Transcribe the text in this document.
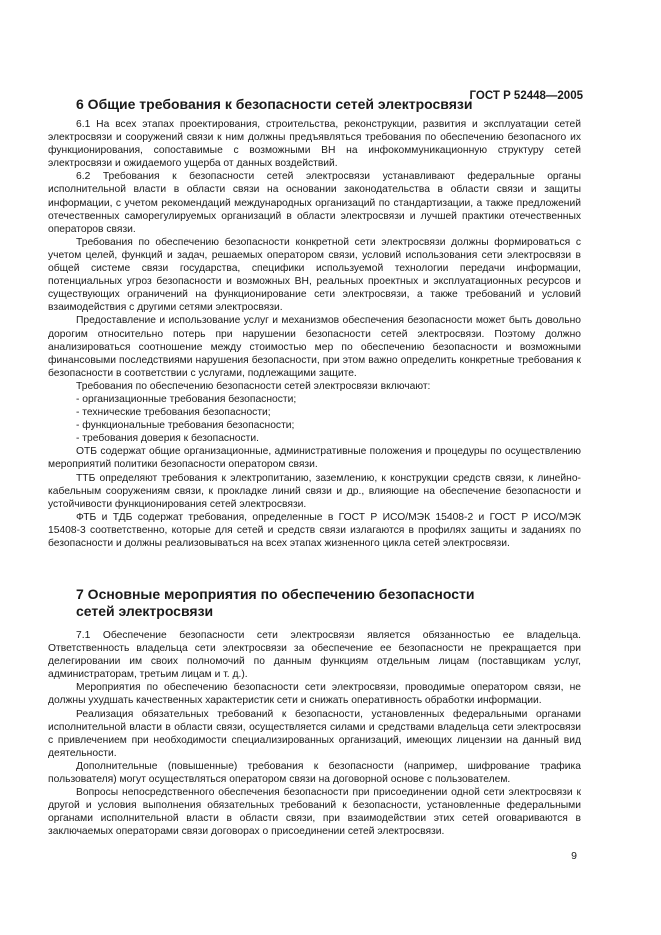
ГОСТ Р 52448—2005
6 Общие требования к безопасности сетей электросвязи

6.1 На всех этапах проектирования, строительства, реконструкции, развития и эксплуатации сетей электросвязи и сооружений связи к ним должны предъявляться требования по обеспечению безопасного их функционирования, сопоставимые с возможными ВН на инфокоммуникационную структуру сетей электросвязи и ожидаемого ущерба от данных воздействий.

6.2 Требования к безопасности сетей электросвязи устанавливают федеральные органы исполнительной власти в области связи на основании законодательства в области связи и защиты информации, с учетом рекомендаций международных организаций по стандартизации, а также предложений отечественных саморегулируемых организаций в области электросвязи и лучшей практики отечественных операторов связи.

Требования по обеспечению безопасности конкретной сети электросвязи должны формироваться с учетом целей, функций и задач, решаемых оператором связи, условий использования сети электросвязи в общей системе связи государства, специфики используемой технологии передачи информации, потенциальных угроз безопасности и возможных ВН, реальных проектных и эксплуатационных ресурсов и существующих ограничений на функционирование сети электросвязи, а также требований и условий взаимодействия с другими сетями электросвязи.

Предоставление и использование услуг и механизмов обеспечения безопасности может быть довольно дорогим относительно потерь при нарушении безопасности сетей электросвязи. Поэтому должно анализироваться соотношение между стоимостью мер по обеспечению безопасности и возможными финансовыми последствиями нарушения безопасности, при этом важно определить конкретные требования к безопасности в соответствии с услугами, подлежащими защите.

Требования по обеспечению безопасности сетей электросвязи включают:

- организационные требования безопасности;

- технические требования безопасности;

- функциональные требования безопасности;

- требования доверия к безопасности.

ОТБ содержат общие организационные, административные положения и процедуры по осуществлению мероприятий политики безопасности оператором связи.

ТТБ определяют требования к электропитанию, заземлению, к конструкции средств связи, к линейно-кабельным сооружениям связи, к прокладке линий связи и др., влияющие на обеспечение безопасности и устойчивости функционирования сетей электросвязи.

ФТБ и ТДБ содержат требования, определенные в ГОСТ Р ИСО/МЭК 15408-2 и ГОСТ Р ИСО/МЭК 15408-3 соответственно, которые для сетей и средств связи излагаются в профилях защиты и заданиях по безопасности и должны реализовываться на всех этапах жизненного цикла сетей электросвязи.

7 Основные мероприятия по обеспечению безопасности
сетей электросвязи

7.1 Обеспечение безопасности сети электросвязи является обязанностью ее владельца. Ответственность владельца сети электросвязи за обеспечение ее безопасности не прекращается при делегировании им своих полномочий по данным функциям отдельным лицам (поставщикам услуг, администраторам, третьим лицам и т. д.).

Мероприятия по обеспечению безопасности сети электросвязи, проводимые оператором связи, не должны ухудшать качественных характеристик сети и снижать оперативность обработки информации.

Реализация обязательных требований к безопасности, установленных федеральными органами исполнительной власти в области связи, осуществляется силами и средствами владельца сети электросвязи с привлечением при необходимости специализированных организаций, имеющих лицензии на данный вид деятельности.

Дополнительные (повышенные) требования к безопасности (например, шифрование трафика пользователя) могут осуществляться оператором связи на договорной основе с пользователем.

Вопросы непосредственного обеспечения безопасности при присоединении одной сети электросвязи к другой и условия выполнения обязательных требований к безопасности, установленные федеральными органами исполнительной власти в области связи, при взаимодействии этих сетей оговариваются в заключаемых операторами связи договорах о присоединении сетей электросвязи.

9
